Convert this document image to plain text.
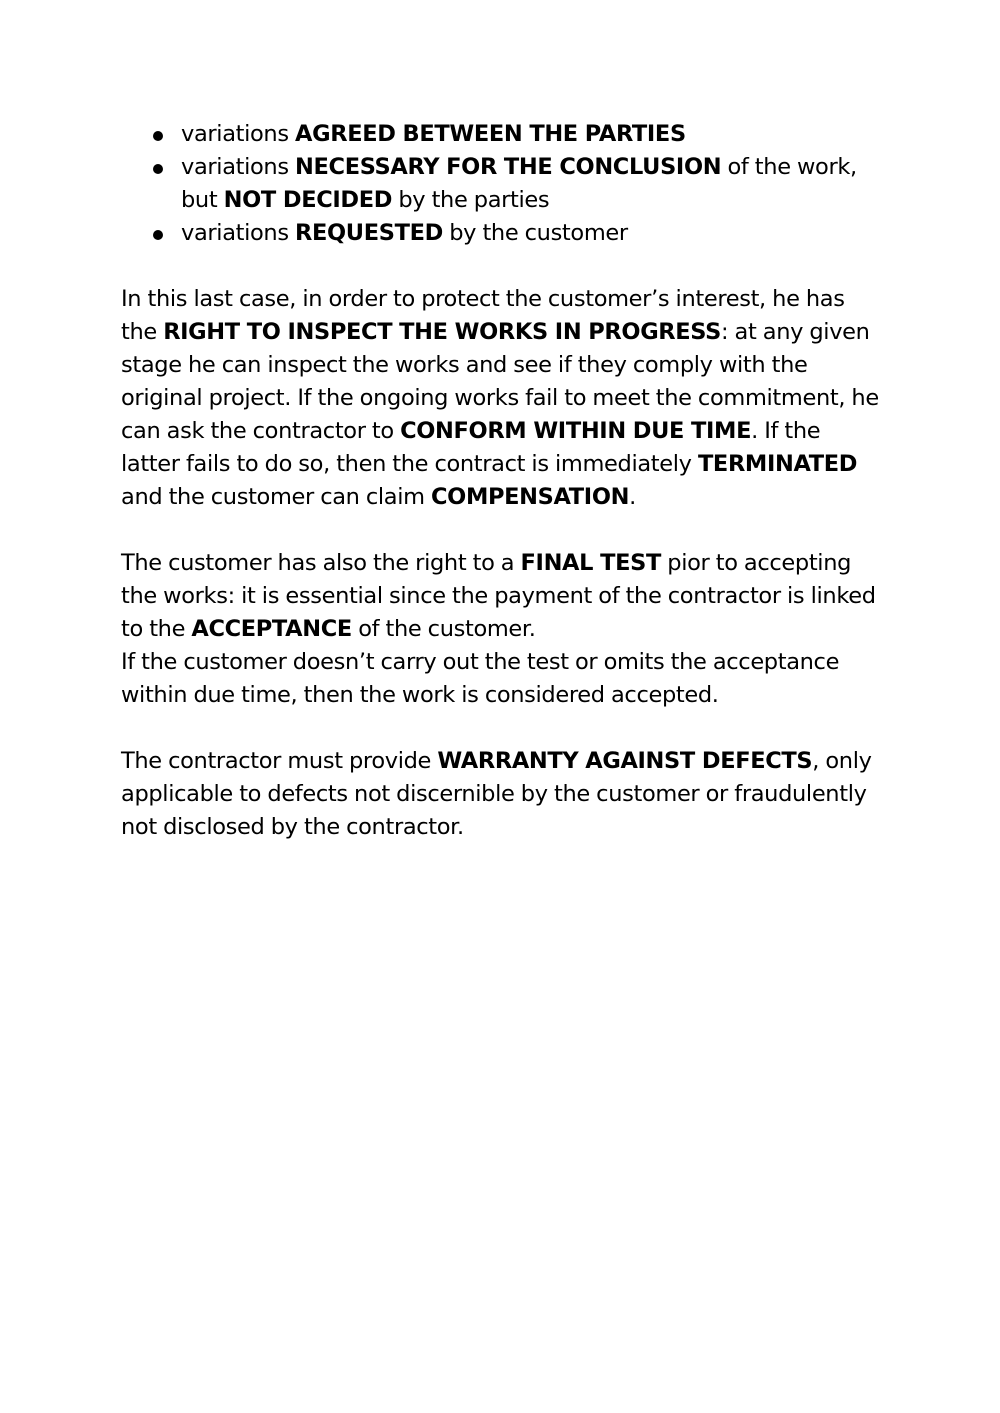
variations AGREED BETWEEN THE PARTIES
variations NECESSARY FOR THE CONCLUSION of the work, but NOT DECIDED by the parties
variations REQUESTED by the customer

In this last case, in order to protect the customer’s interest, he has the RIGHT TO INSPECT THE WORKS IN PROGRESS: at any given stage he can inspect the works and see if they comply with the original project. If the ongoing works fail to meet the commitment, he can ask the contractor to CONFORM WITHIN DUE TIME. If the latter fails to do so, then the contract is immediately TERMINATED and the customer can claim COMPENSATION.

The customer has also the right to a FINAL TEST pior to accepting the works: it is essential since the payment of the contractor is linked to the ACCEPTANCE of the customer.
If the customer doesn’t carry out the test or omits the acceptance within due time, then the work is considered accepted.

The contractor must provide WARRANTY AGAINST DEFECTS, only applicable to defects not discernible by the customer or fraudulently not disclosed by the contractor.
